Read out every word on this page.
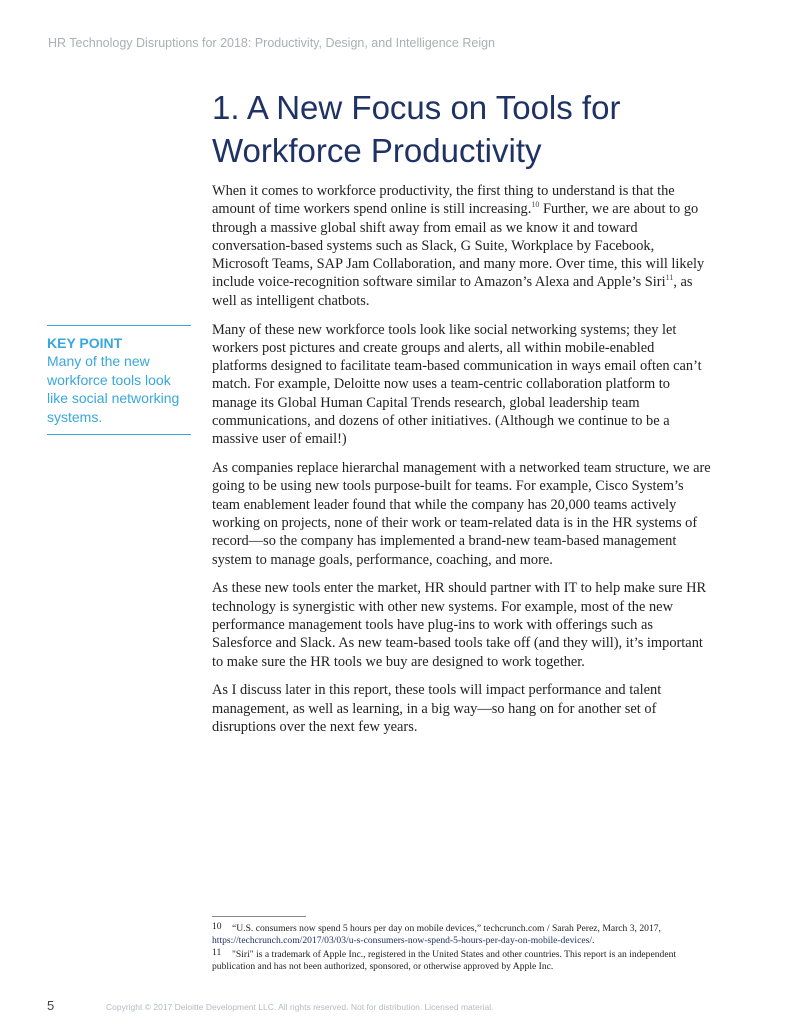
HR Technology Disruptions for 2018: Productivity, Design, and Intelligence Reign
1. A New Focus on Tools for
Workforce Productivity

When it comes to workforce productivity, the first thing to understand is that the amount of time workers spend online is still increasing.$^{10}$ Further, we are about to go through a massive global shift away from email as we know it and toward conversation-based systems such as Slack, G Suite, Workplace by Facebook, Microsoft Teams, SAP Jam Collaboration, and many more. Over time, this will likely include voice-recognition software similar to Amazon’s Alexa and Apple’s Siri$^{11}$, as well as intelligent chatbots.

Many of these new workforce tools look like social networking systems; they let workers post pictures and create groups and alerts, all within mobile-enabled platforms designed to facilitate team-based communication in ways email often can’t match. For example, Deloitte now uses a team-centric collaboration platform to manage its Global Human Capital Trends research, global leadership team communications, and dozens of other initiatives. (Although we continue to be a massive user of email!)

As companies replace hierarchal management with a networked team structure, we are going to be using new tools purpose-built for teams. For example, Cisco System’s team enablement leader found that while the company has 20,000 teams actively working on projects, none of their work or team-related data is in the HR systems of record—so the company has implemented a brand-new team-based management system to manage goals, performance, coaching, and more.

As these new tools enter the market, HR should partner with IT to help make sure HR technology is synergistic with other new systems. For example, most of the new performance management tools have plug-ins to work with offerings such as Salesforce and Slack. As new team-based tools take off (and they will), it’s important to make sure the HR tools we buy are designed to work together.

As I discuss later in this report, these tools will impact performance and talent management, as well as learning, in a big way—so hang on for another set of disruptions over the next few years.

KEY POINT
Many of the new workforce tools look like social networking systems.

10 “U.S. consumers now spend 5 hours per day on mobile devices,” techcrunch.com / Sarah Perez, March 3, 2017,
https://techcrunch.com/2017/03/03/u-s-consumers-now-spend-5-hours-per-day-on-mobile-devices/.

11 "Siri" is a trademark of Apple Inc., registered in the United States and other countries. This report is an independent publication and has not been authorized, sponsored, or otherwise approved by Apple Inc.

5	Copyright © 2017 Deloitte Development LLC. All rights reserved. Not for distribution. Licensed material.
